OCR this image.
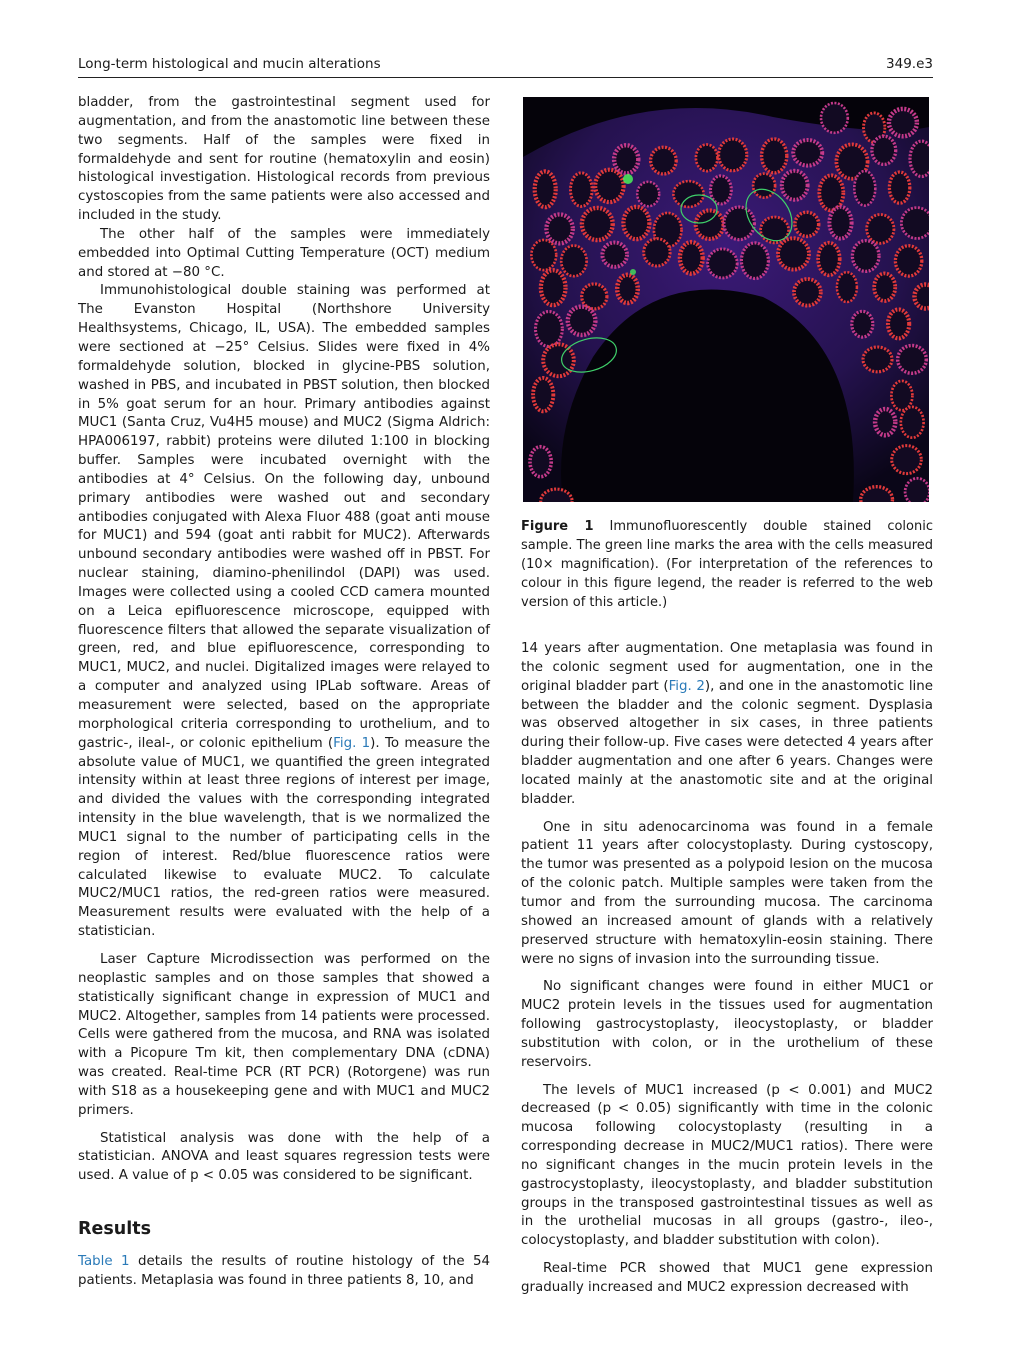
Long-term histological and mucin alterations	349.e3

bladder, from the gastrointestinal segment used for augmentation, and from the anastomotic line between these two segments. Half of the samples were fixed in formaldehyde and sent for routine (hematoxylin and eosin) histological investigation. Histological records from previous cystoscopies from the same patients were also accessed and included in the study.

The other half of the samples were immediately embedded into Optimal Cutting Temperature (OCT) medium and stored at −80 °C.

Immunohistological double staining was performed at The Evanston Hospital (Northshore University Healthsystems, Chicago, IL, USA). The embedded samples were sectioned at −25° Celsius. Slides were fixed in 4% formaldehyde solution, blocked in glycine-PBS solution, washed in PBS, and incubated in PBST solution, then blocked in 5% goat serum for an hour. Primary antibodies against MUC1 (Santa Cruz, Vu4H5 mouse) and MUC2 (Sigma Aldrich: HPA006197, rabbit) proteins were diluted 1:100 in blocking buffer. Samples were incubated overnight with the antibodies at 4° Celsius. On the following day, unbound primary antibodies were washed out and secondary antibodies conjugated with Alexa Fluor 488 (goat anti mouse for MUC1) and 594 (goat anti rabbit for MUC2). Afterwards unbound secondary antibodies were washed off in PBST. For nuclear staining, diamino-phenilindol (DAPI) was used. Images were collected using a cooled CCD camera mounted on a Leica epifluorescence microscope, equipped with fluorescence filters that allowed the separate visualization of green, red, and blue epifluorescence, corresponding to MUC1, MUC2, and nuclei. Digitalized images were relayed to a computer and analyzed using IPLab software. Areas of measurement were selected, based on the appropriate morphological criteria corresponding to urothelium, and to gastric-, ileal-, or colonic epithelium (Fig. 1). To measure the absolute value of MUC1, we quantified the green integrated intensity within at least three regions of interest per image, and divided the values with the corresponding integrated intensity in the blue wavelength, that is we normalized the MUC1 signal to the number of participating cells in the region of interest. Red/blue fluorescence ratios were calculated likewise to evaluate MUC2. To calculate MUC2/MUC1 ratios, the red-green ratios were measured. Measurement results were evaluated with the help of a statistician.

Laser Capture Microdissection was performed on the neoplastic samples and on those samples that showed a statistically significant change in expression of MUC1 and MUC2. Altogether, samples from 14 patients were processed. Cells were gathered from the mucosa, and RNA was isolated with a Picopure Tm kit, then complementary DNA (cDNA) was created. Real-time PCR (RT PCR) (Rotorgene) was run with S18 as a housekeeping gene and with MUC1 and MUC2 primers.

Statistical analysis was done with the help of a statistician. ANOVA and least squares regression tests were used. A value of p < 0.05 was considered to be significant.

Results

Table 1 details the results of routine histology of the 54 patients. Metaplasia was found in three patients 8, 10, and

Figure 1 Immunofluorescently double stained colonic sample. The green line marks the area with the cells measured (10× magnification). (For interpretation of the references to colour in this figure legend, the reader is referred to the web version of this article.)

14 years after augmentation. One metaplasia was found in the colonic segment used for augmentation, one in the original bladder part (Fig. 2), and one in the anastomotic line between the bladder and the colonic segment. Dysplasia was observed altogether in six cases, in three patients during their follow-up. Five cases were detected 4 years after bladder augmentation and one after 6 years. Changes were located mainly at the anastomotic site and at the original bladder.

One in situ adenocarcinoma was found in a female patient 11 years after colocystoplasty. During cystoscopy, the tumor was presented as a polypoid lesion on the mucosa of the colonic patch. Multiple samples were taken from the tumor and from the surrounding mucosa. The carcinoma showed an increased amount of glands with a relatively preserved structure with hematoxylin-eosin staining. There were no signs of invasion into the surrounding tissue.

No significant changes were found in either MUC1 or MUC2 protein levels in the tissues used for augmentation following gastrocystoplasty, ileocystoplasty, or bladder substitution with colon, or in the urothelium of these reservoirs.

The levels of MUC1 increased (p < 0.001) and MUC2 decreased (p < 0.05) significantly with time in the colonic mucosa following colocystoplasty (resulting in a corresponding decrease in MUC2/MUC1 ratios). There were no significant changes in the mucin protein levels in the gastrocystoplasty, ileocystoplasty, and bladder substitution groups in the transposed gastrointestinal tissues as well as in the urothelial mucosas in all groups (gastro-, ileo-, colocystoplasty, and bladder substitution with colon).

Real-time PCR showed that MUC1 gene expression gradually increased and MUC2 expression decreased with
